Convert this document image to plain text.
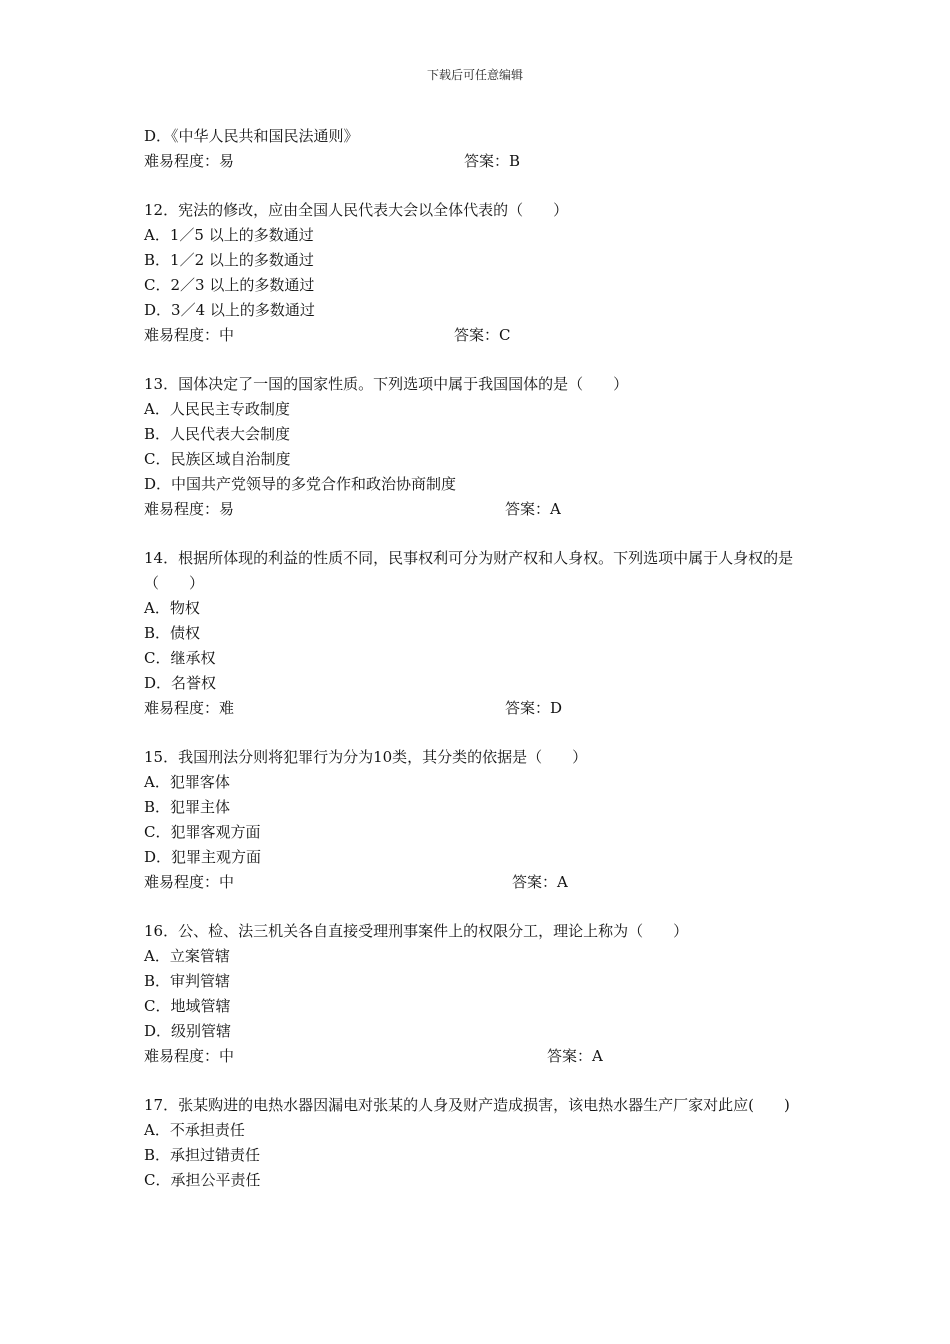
下载后可任意编辑
D．《中华人民共和国民法通则》
难易程度：易	答案：B
12．宪法的修改，应由全国人民代表大会以全体代表的（　　）
A．1／5 以上的多数通过
B．1／2 以上的多数通过
C．2／3 以上的多数通过
D．3／4 以上的多数通过
难易程度：中	答案：C
13．国体决定了一国的国家性质。下列选项中属于我国国体的是（　　）
A．人民民主专政制度
B．人民代表大会制度
C．民族区域自治制度
D．中国共产党领导的多党合作和政治协商制度
难易程度：易	答案：A
14．根据所体现的利益的性质不同，民事权利可分为财产权和人身权。下列选项中属于人身权的是（　　）
A．物权
B．债权
C．继承权
D．名誉权
难易程度：难	答案：D
15．我国刑法分则将犯罪行为分为10类，其分类的依据是（　　）
A．犯罪客体
B．犯罪主体
C．犯罪客观方面
D．犯罪主观方面
难易程度：中	答案：A
16．公、检、法三机关各自直接受理刑事案件上的权限分工，理论上称为（　　）
A．立案管辖
B．审判管辖
C．地域管辖
D．级别管辖
难易程度：中	答案：A
17．张某购进的电热水器因漏电对张某的人身及财产造成损害，该电热水器生产厂家对此应(　　)
A．不承担责任
B．承担过错责任
C．承担公平责任
